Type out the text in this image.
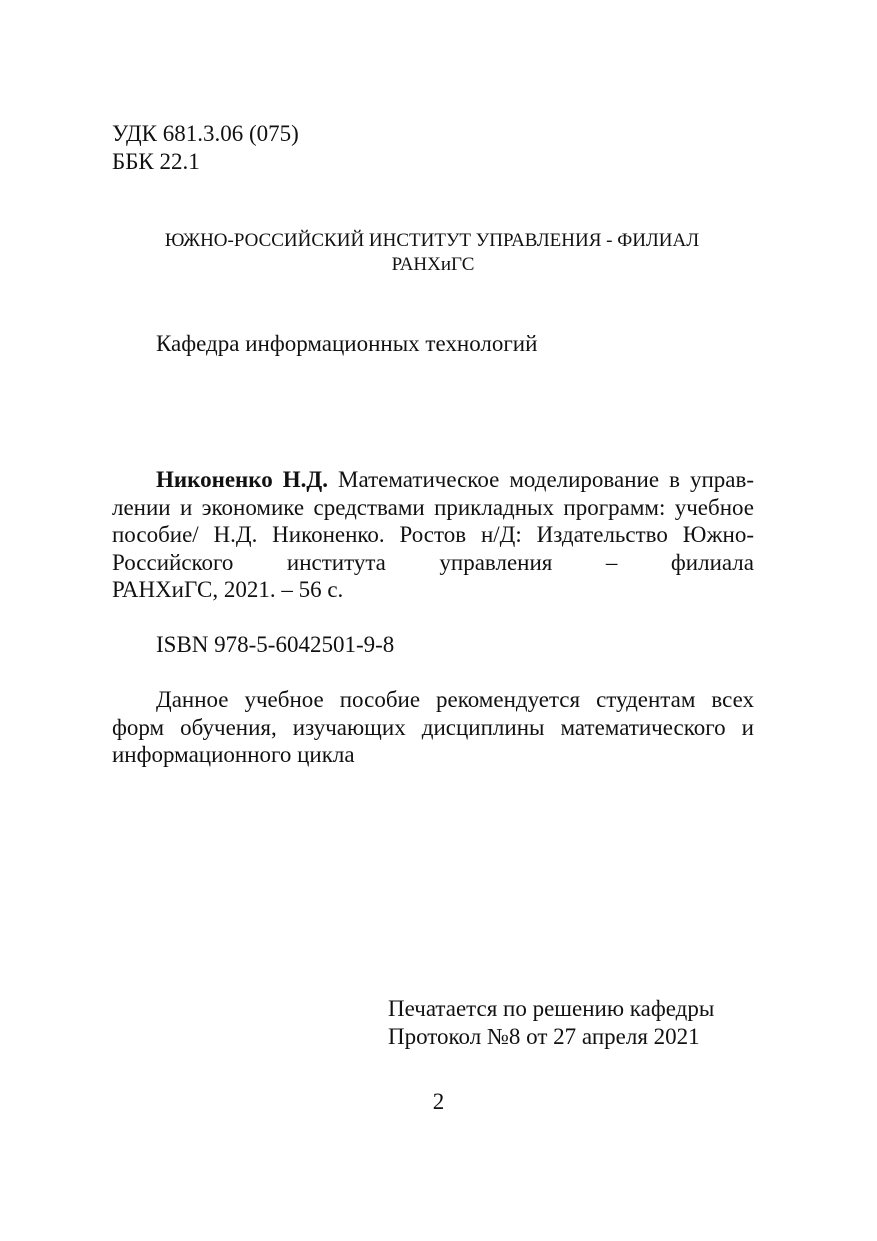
УДК 681.3.06 (075)
ББК 22.1
ЮЖНО-РОССИЙСКИЙ ИНСТИТУТ УПРАВЛЕНИЯ - ФИЛИАЛ
РАНХиГС
Кафедра информационных технологий
Никоненко Н.Д. Математическое моделирование в управ-
лении и экономике средствами прикладных программ: учебное
пособие/ Н.Д. Никоненко. Ростов н/Д: Издательство Южно-
Российского института управления – филиала
РАНХиГС, 2021. – 56 с.
ISBN 978-5-6042501-9-8
Данное учебное пособие рекомендуется студентам всех
форм обучения, изучающих дисциплины математического и
информационного цикла
Печатается по решению кафедры
Протокол №8 от 27 апреля 2021
2
